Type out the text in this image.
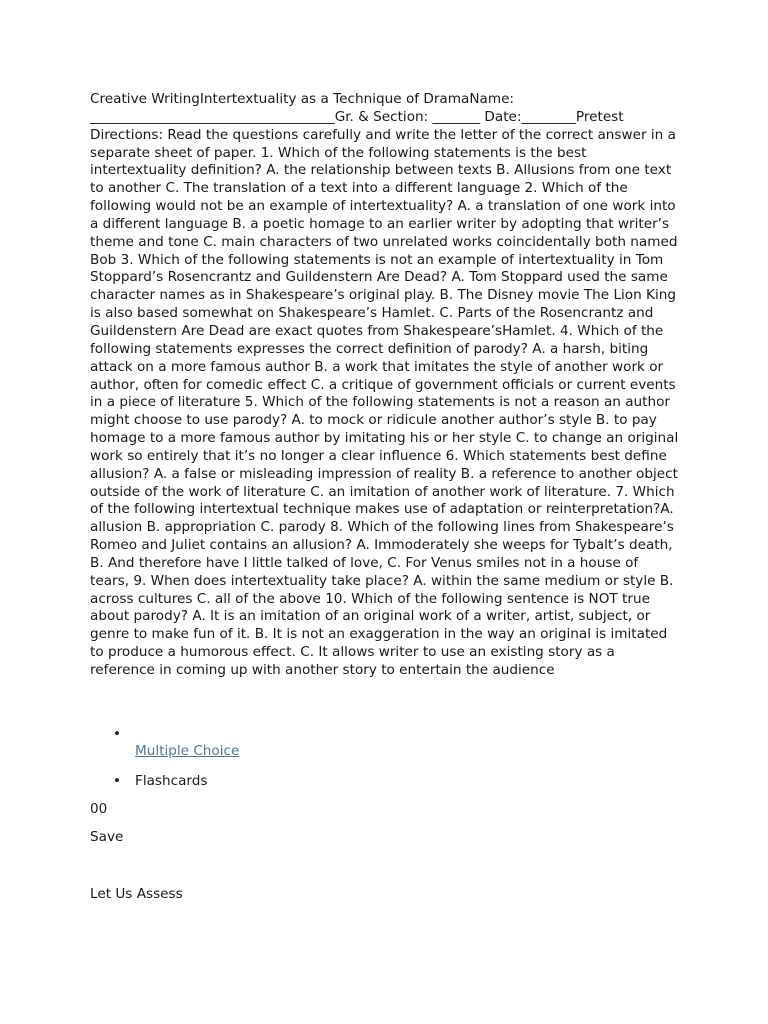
Creative WritingIntertextuality as a Technique of DramaName: ____________________________________Gr. & Section: _______ Date:________Pretest Directions: Read the questions carefully and write the letter of the correct answer in a separate sheet of paper. 1. Which of the following statements is the best intertextuality definition? A. the relationship between texts B. Allusions from one text to another C. The translation of a text into a different language 2. Which of the following would not be an example of intertextuality? A. a translation of one work into a different language B. a poetic homage to an earlier writer by adopting that writer’s theme and tone C. main characters of two unrelated works coincidentally both named Bob 3. Which of the following statements is not an example of intertextuality in Tom Stoppard’s Rosencrantz and Guildenstern Are Dead? A. Tom Stoppard used the same character names as in Shakespeare’s original play. B. The Disney movie The Lion King is also based somewhat on Shakespeare’s Hamlet. C. Parts of the Rosencrantz and Guildenstern Are Dead are exact quotes from Shakespeare’sHamlet. 4. Which of the following statements expresses the correct definition of parody? A. a harsh, biting attack on a more famous author B. a work that imitates the style of another work or author, often for comedic effect C. a critique of government officials or current events in a piece of literature 5. Which of the following statements is not a reason an author might choose to use parody? A. to mock or ridicule another author’s style B. to pay homage to a more famous author by imitating his or her style C. to change an original work so entirely that it’s no longer a clear influence 6. Which statements best define allusion? A. a false or misleading impression of reality B. a reference to another object outside of the work of literature C. an imitation of another work of literature. 7. Which of the following intertextual technique makes use of adaptation or reinterpretation?A. allusion B. appropriation C. parody 8. Which of the following lines from Shakespeare’s Romeo and Juliet contains an allusion? A. Immoderately she weeps for Tybalt’s death, B. And therefore have I little talked of love, C. For Venus smiles not in a house of tears, 9. When does intertextuality take place? A. within the same medium or style B. across cultures C. all of the above 10. Which of the following sentence is NOT true about parody? A. It is an imitation of an original work of a writer, artist, subject, or genre to make fun of it. B. It is not an exaggeration in the way an original is imitated to produce a humorous effect. C. It allows writer to use an existing story as a reference in coming up with another story to entertain the audience

•
Multiple Choice
• Flashcards

00

Save

Let Us Assess
